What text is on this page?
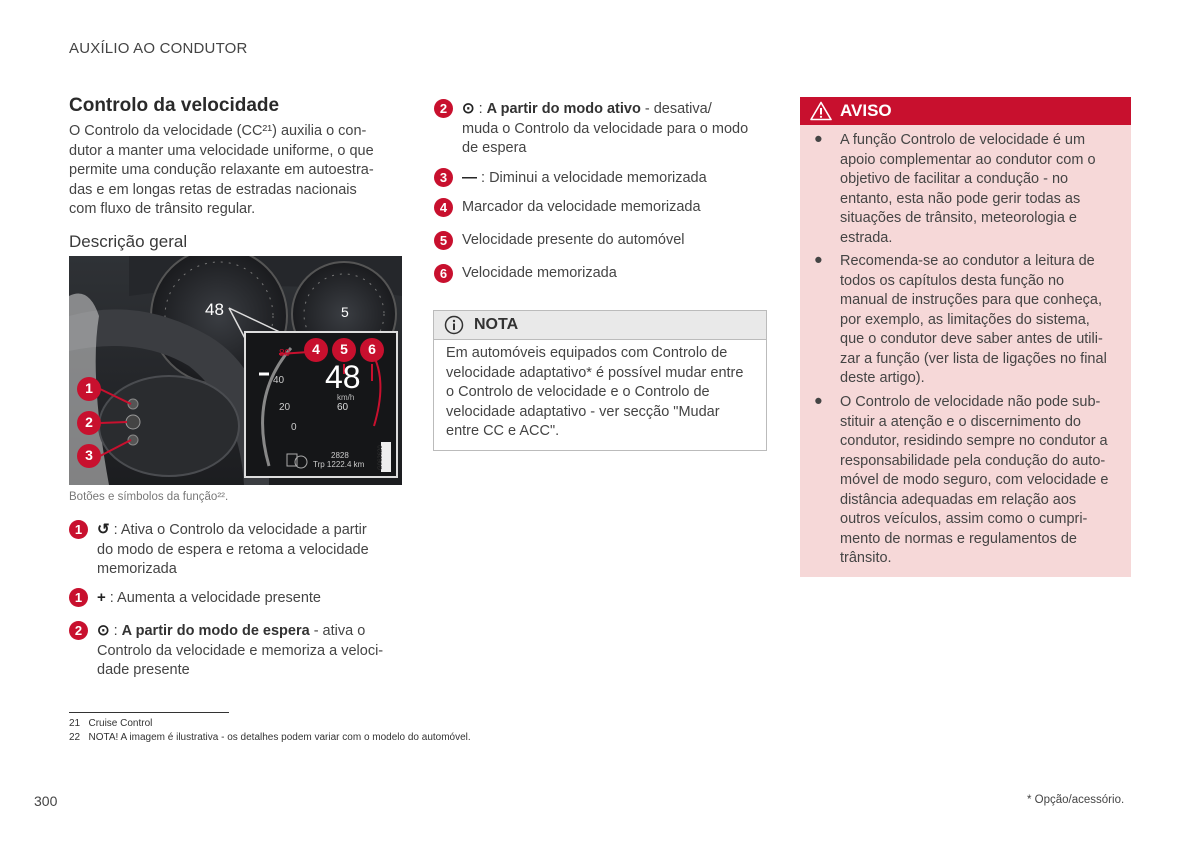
AUXÍLIO AO CONDUTOR
Controlo da velocidade
O Controlo da velocidade (CC²¹) auxilia o con-
dutor a manter uma velocidade uniforme, o que
permite uma condução relaxante em autoestra-
das e em longas retas de estradas nacionais
com fluxo de trânsito regular.
Descrição geral
48	5
48
km/h
60
80
40
20
0
2828
Trp 1222.4 km G062620
1
2
3
4 5 6
Botões e símbolos da função²².
1 ↺ : Ativa o Controlo da velocidade a partir
do modo de espera e retoma a velocidade
memorizada
1 + : Aumenta a velocidade presente
2 ⊙ : A partir do modo de espera - ativa o
Controlo da velocidade e memoriza a veloci-
dade presente
2 ⊙ : A partir do modo ativo - desativa/
muda o Controlo da velocidade para o modo
de espera
3 — : Diminui a velocidade memorizada
4	Marcador da velocidade memorizada
5	Velocidade presente do automóvel
6	Velocidade memorizada
NOTA
Em automóveis equipados com Controlo de
velocidade adaptativo* é possível mudar entre
o Controlo de velocidade e o Controlo de
velocidade adaptativo - ver secção "Mudar
entre CC e ACC".
AVISO
● A função Controlo de velocidade é um
apoio complementar ao condutor com o
objetivo de facilitar a condução - no
entanto, esta não pode gerir todas as
situações de trânsito, meteorologia e
estrada.
● Recomenda-se ao condutor a leitura de
todos os capítulos desta função no
manual de instruções para que conheça,
por exemplo, as limitações do sistema,
que o condutor deve saber antes de utili-
zar a função (ver lista de ligações no final
deste artigo).
● O Controlo de velocidade não pode sub-
stituir a atenção e o discernimento do
condutor, residindo sempre no condutor a
responsabilidade pela condução do auto-
móvel de modo seguro, com velocidade e
distância adequadas em relação aos
outros veículos, assim como o cumpri-
mento de normas e regulamentos de
trânsito.
21 Cruise Control
22 NOTA! A imagem é ilustrativa - os detalhes podem variar com o modelo do automóvel.
300	* Opção/acessório.
